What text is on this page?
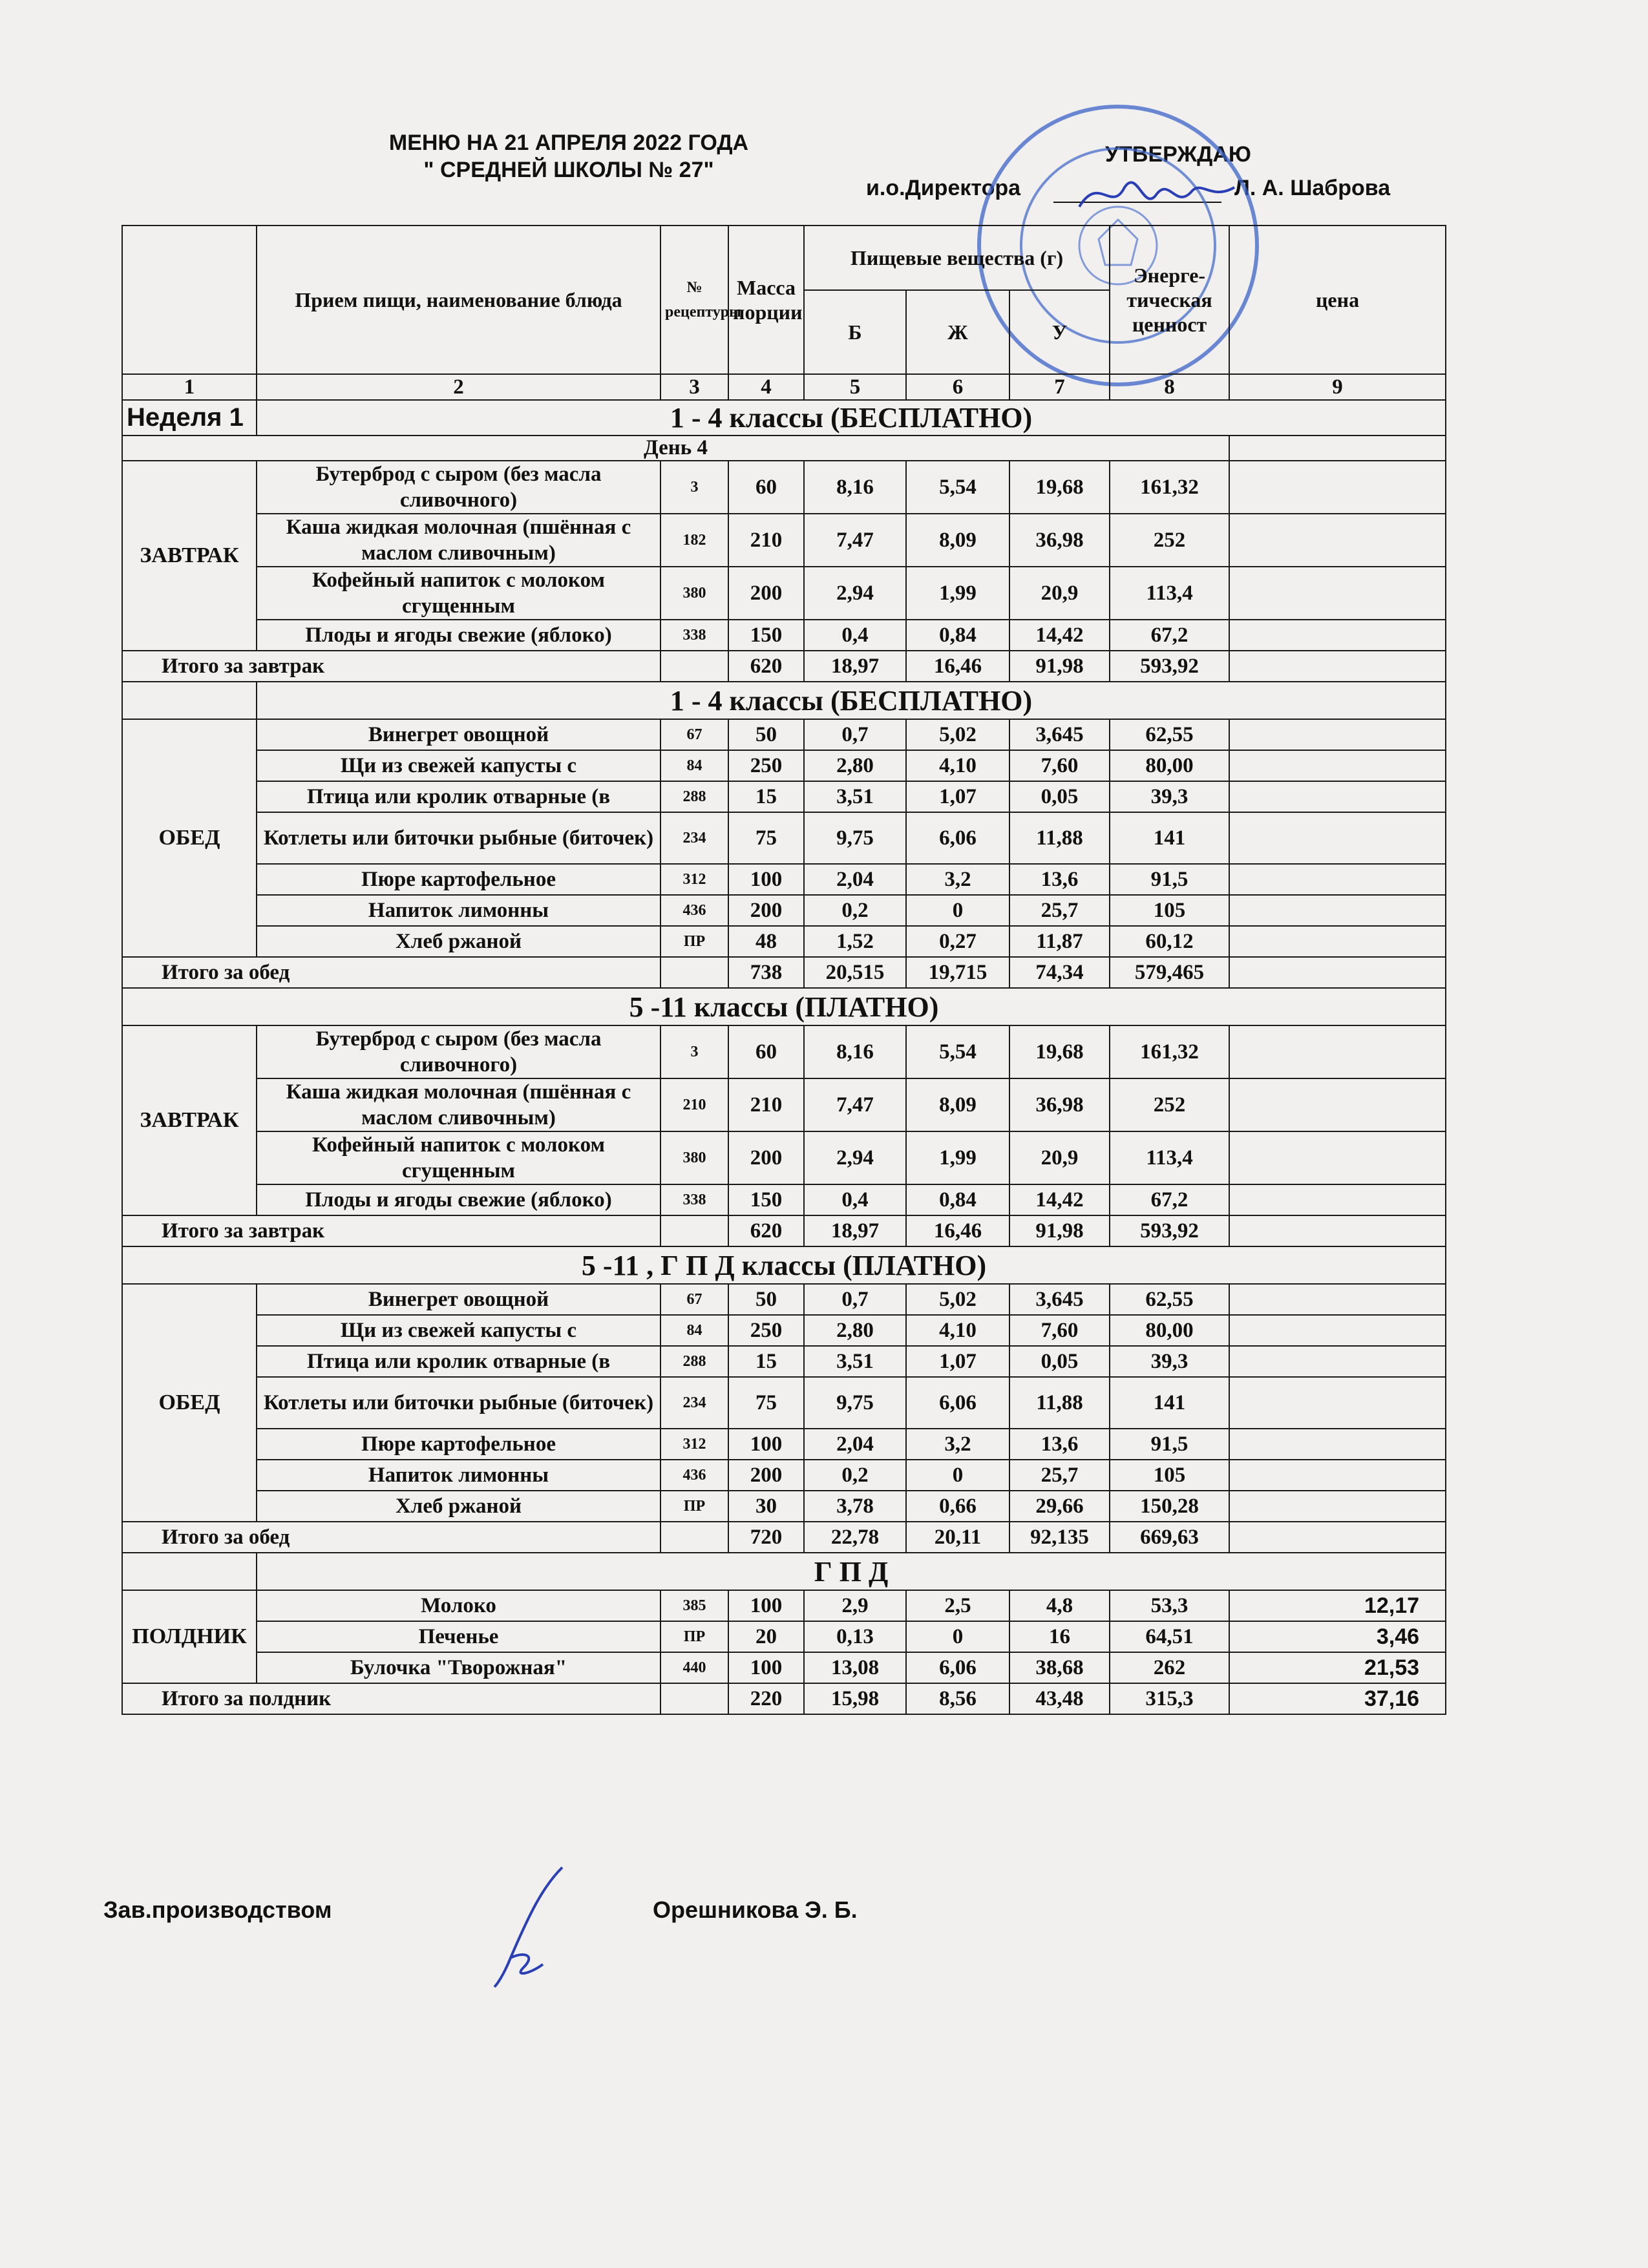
МЕНЮ НА 21 АПРЕЛЯ 2022 ГОДА
" СРЕДНЕЙ ШКОЛЫ № 27"
УТВЕРЖДАЮ
и.о.Директора	Л. А. Шаброва
	Прием пищи, наименование блюда	№ рецептуры	Масса порции	Пищевые вещества (г)			Энерге-тическая ценност	цена
				Б	Ж	У		
1	2	3	4	5	6	7	8	9
Неделя 1	1 - 4 классы (БЕСПЛАТНО)							
День 4								
ЗАВТРАК	Бутерброд с сыром (без масла сливочного)	3	60	8,16	5,54	19,68	161,32	
	Каша жидкая молочная (пшённая с маслом сливочным)	182	210	7,47	8,09	36,98	252	
	Кофейный напиток с молоком сгущенным	380	200	2,94	1,99	20,9	113,4	
	Плоды и ягоды свежие (яблоко)	338	150	0,4	0,84	14,42	67,2	
Итого за завтрак			620	18,97	16,46	91,98	593,92	
	1 - 4 классы (БЕСПЛАТНО)							
ОБЕД	Винегрет овощной	67	50	0,7	5,02	3,645	62,55	
	Щи из свежей капусты с	84	250	2,80	4,10	7,60	80,00	
	Птица или кролик отварные (в	288	15	3,51	1,07	0,05	39,3	
	Котлеты или биточки рыбные (биточек)	234	75	9,75	6,06	11,88	141	
	Пюре картофельное	312	100	2,04	3,2	13,6	91,5	
	Напиток лимонны	436	200	0,2	0	25,7	105	
	Хлеб ржаной	ПР	48	1,52	0,27	11,87	60,12	
Итого за обед			738	20,515	19,715	74,34	579,465	
5 -11 классы (ПЛАТНО)								
ЗАВТРАК	Бутерброд с сыром (без масла сливочного)	3	60	8,16	5,54	19,68	161,32	
	Каша жидкая молочная (пшённая с маслом сливочным)	210	210	7,47	8,09	36,98	252	
	Кофейный напиток с молоком сгущенным	380	200	2,94	1,99	20,9	113,4	
	Плоды и ягоды свежие (яблоко)	338	150	0,4	0,84	14,42	67,2	
Итого за завтрак			620	18,97	16,46	91,98	593,92	
5 -11 , Г П Д классы (ПЛАТНО)								
ОБЕД	Винегрет овощной	67	50	0,7	5,02	3,645	62,55	
	Щи из свежей капусты с	84	250	2,80	4,10	7,60	80,00	
	Птица или кролик отварные (в	288	15	3,51	1,07	0,05	39,3	
	Котлеты или биточки рыбные (биточек)	234	75	9,75	6,06	11,88	141	
	Пюре картофельное	312	100	2,04	3,2	13,6	91,5	
	Напиток лимонны	436	200	0,2	0	25,7	105	
	Хлеб ржаной	ПР	30	3,78	0,66	29,66	150,28	
Итого за обед			720	22,78	20,11	92,135	669,63	
	Г П Д							
ПОЛДНИК	Молоко	385	100	2,9	2,5	4,8	53,3	12,17
	Печенье	ПР	20	0,13	0	16	64,51	3,46
	Булочка "Творожная"	440	100	13,08	6,06	38,68	262	21,53
Итого за полдник			220	15,98	8,56	43,48	315,3	37,16
Зав.производством	Орешникова Э. Б.
